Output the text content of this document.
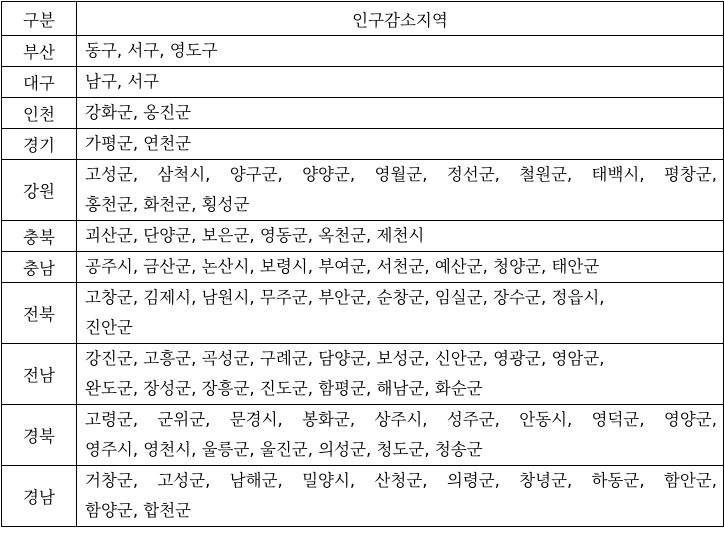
구분	인구감소지역
부산	동구, 서구, 영도구

대구	남구, 서구

인천	강화군, 옹진군

경기	가평군, 연천군

강원	고성군, 삼척시, 양구군, 양양군, 영월군, 정선군, 철원군, 태백시, 평창군,
홍천군, 화천군, 횡성군

충북	괴산군, 단양군, 보은군, 영동군, 옥천군, 제천시

충남	공주시, 금산군, 논산시, 보령시, 부여군, 서천군, 예산군, 청양군, 태안군

전북	고창군, 김제시, 남원시, 무주군, 부안군, 순창군, 임실군, 장수군, 정읍시,
진안군

전남	강진군, 고흥군, 곡성군, 구례군, 담양군, 보성군, 신안군, 영광군, 영암군,
완도군, 장성군, 장흥군, 진도군, 함평군, 해남군, 화순군

경북	고령군, 군위군, 문경시, 봉화군, 상주시, 성주군, 안동시, 영덕군, 영양군,
영주시, 영천시, 울릉군, 울진군, 의성군, 청도군, 청송군

경남	거창군, 고성군, 남해군, 밀양시, 산청군, 의령군, 창녕군, 하동군, 함안군,
함양군, 합천군
